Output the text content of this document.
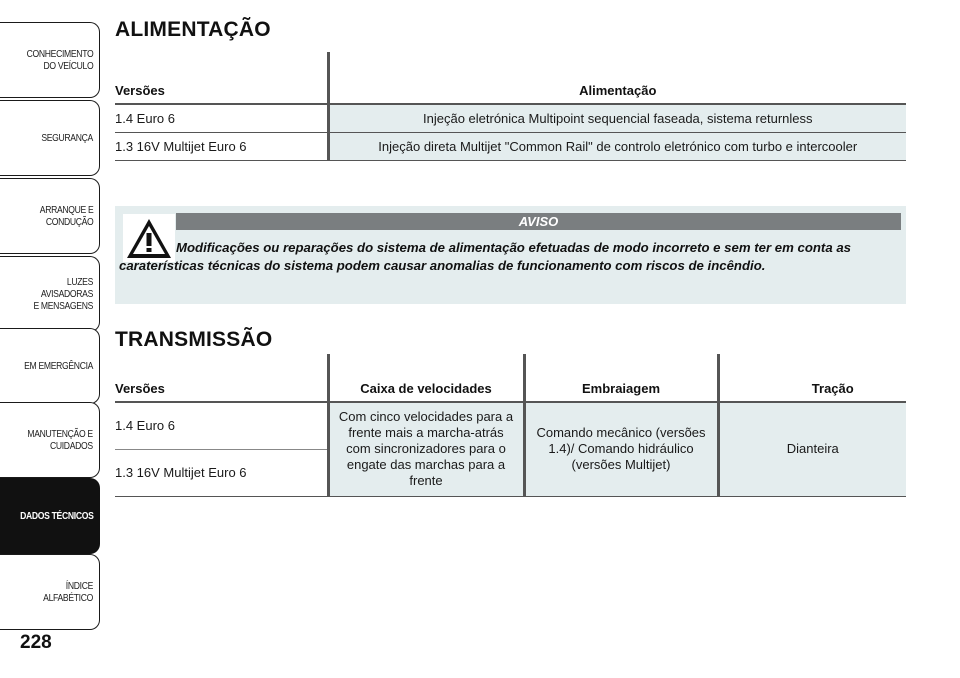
CONHECIMENTO
DO VEÍCULO
SEGURANÇA
ARRANQUE E
CONDUÇÃO
LUZES AVISADORAS
E MENSAGENS
EM EMERGÊNCIA
MANUTENÇÃO E
CUIDADOS
DADOS TÉCNICOS
ÍNDICE ALFABÉTICO
228
ALIMENTAÇÃO
Versões	Alimentação
1.4 Euro 6	Injeção eletrónica Multipoint sequencial faseada, sistema returnless
1.3 16V Multijet Euro 6	Injeção direta Multijet "Common Rail" de controlo eletrónico com turbo e intercooler
AVISO

Modificações ou reparações do sistema de alimentação efetuadas de modo incorreto e sem ter em conta as caraterísticas técnicas do sistema podem causar anomalias de funcionamento com riscos de incêndio.

TRANSMISSÃO
Versões	Caixa de velocidades	Embraiagem	Tração
1.4 Euro 6	Com cinco velocidades para a frente mais a marcha-atrás com sincronizadores para o engate das marchas para a frente	Comando mecânico (versões 1.4)/ Comando hidráulico (versões Multijet)	Dianteira
1.3 16V Multijet Euro 6			
